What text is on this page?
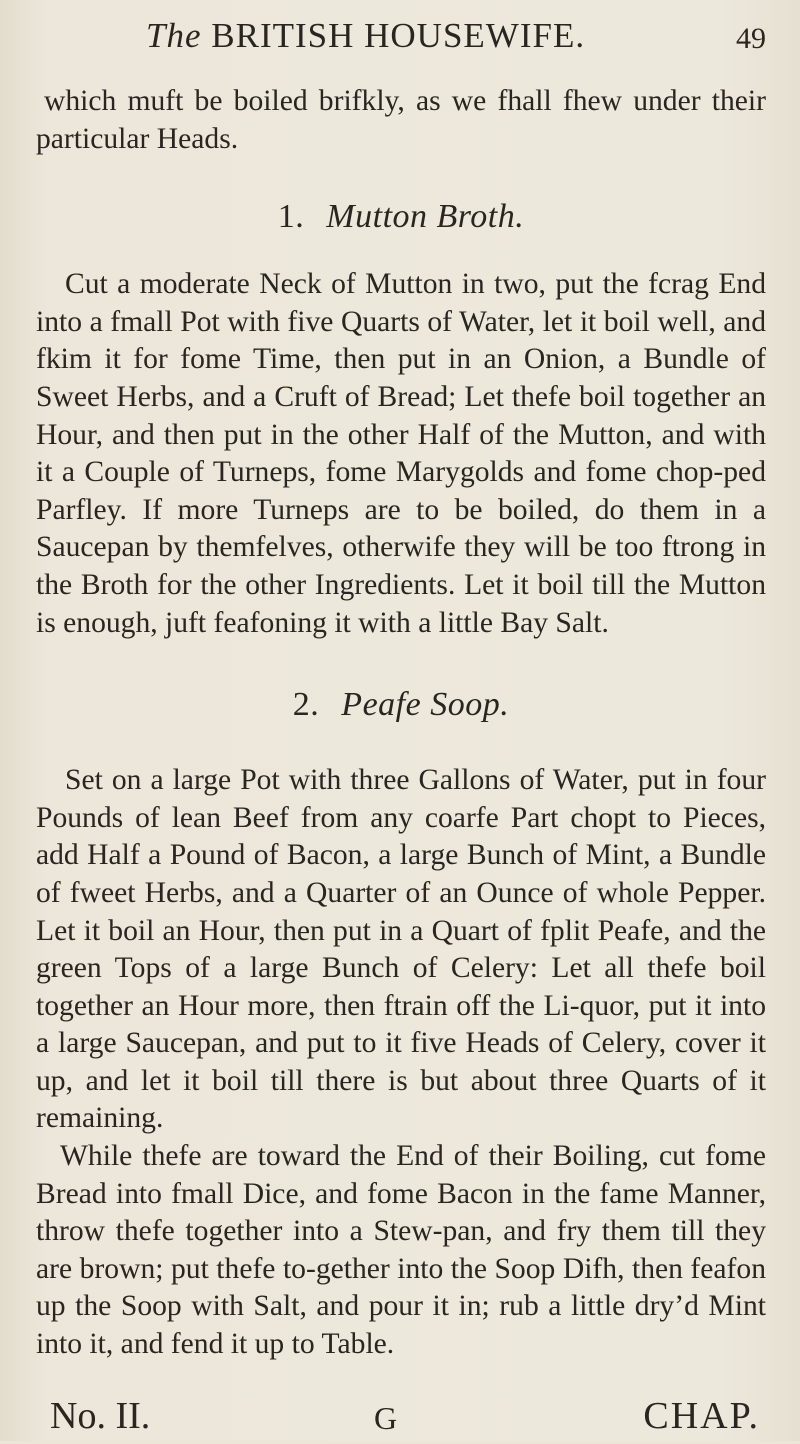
The BRITISH HOUSEWIFE.	49

which muft be boiled brifkly, as we fhall fhew under their particular Heads.

1. Mutton Broth.

Cut a moderate Neck of Mutton in two, put the fcrag End into a fmall Pot with five Quarts of Water, let it boil well, and fkim it for fome Time, then put in an Onion, a Bundle of Sweet Herbs, and a Cruft of Bread; Let thefe boil together an Hour, and then put in the other Half of the Mutton, and with it a Couple of Turneps, fome Marygolds and fome chop-ped Parfley. If more Turneps are to be boiled, do them in a Saucepan by themfelves, otherwife they will be too ftrong in the Broth for the other Ingredients. Let it boil till the Mutton is enough, juft feafoning it with a little Bay Salt.

2. Peafe Soop.

Set on a large Pot with three Gallons of Water, put in four Pounds of lean Beef from any coarfe Part chopt to Pieces, add Half a Pound of Bacon, a large Bunch of Mint, a Bundle of fweet Herbs, and a Quarter of an Ounce of whole Pepper. Let it boil an Hour, then put in a Quart of fplit Peafe, and the green Tops of a large Bunch of Celery: Let all thefe boil together an Hour more, then ftrain off the Li-quor, put it into a large Saucepan, and put to it five Heads of Celery, cover it up, and let it boil till there is but about three Quarts of it remaining.

While thefe are toward the End of their Boiling, cut fome Bread into fmall Dice, and fome Bacon in the fame Manner, throw thefe together into a Stew-pan, and fry them till they are brown; put thefe to-gether into the Soop Difh, then feafon up the Soop with Salt, and pour it in; rub a little dry’d Mint into it, and fend it up to Table.

No. II.	G	CHAP.
